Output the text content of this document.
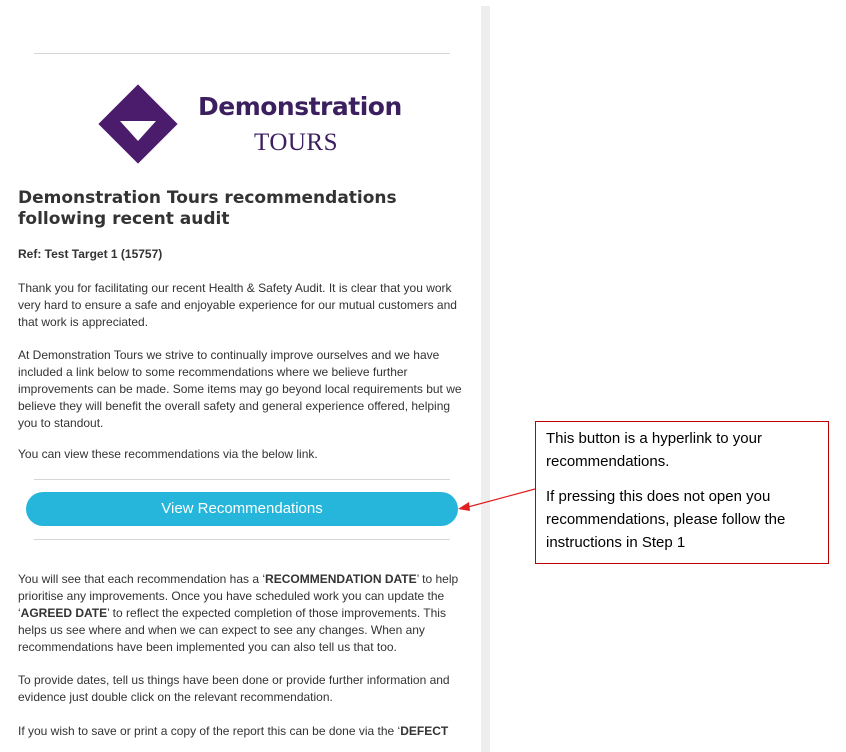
Demonstration
TOURS
Demonstration Tours recommendations following recent audit
Ref: Test Target 1 (15757)

Thank you for facilitating our recent Health & Safety Audit. It is clear that you work very hard to ensure a safe and enjoyable experience for our mutual customers and that work is appreciated.

At Demonstration Tours we strive to continually improve ourselves and we have included a link below to some recommendations where we believe further improvements can be made. Some items may go beyond local requirements but we believe they will benefit the overall safety and general experience offered, helping you to standout.

You can view these recommendations via the below link.

View Recommendations

You will see that each recommendation has a ‘RECOMMENDATION DATE’ to help prioritise any improvements. Once you have scheduled work you can update the ‘AGREED DATE’ to reflect the expected completion of those improvements. This helps us see where and when we can expect to see any changes. When any recommendations have been implemented you can also tell us that too.

To provide dates, tell us things have been done or provide further information and evidence just double click on the relevant recommendation.

If you wish to save or print a copy of the report this can be done via the ‘DEFECT

This button is a hyperlink to your recommendations.

If pressing this does not open you recommendations, please follow the instructions in Step 1
